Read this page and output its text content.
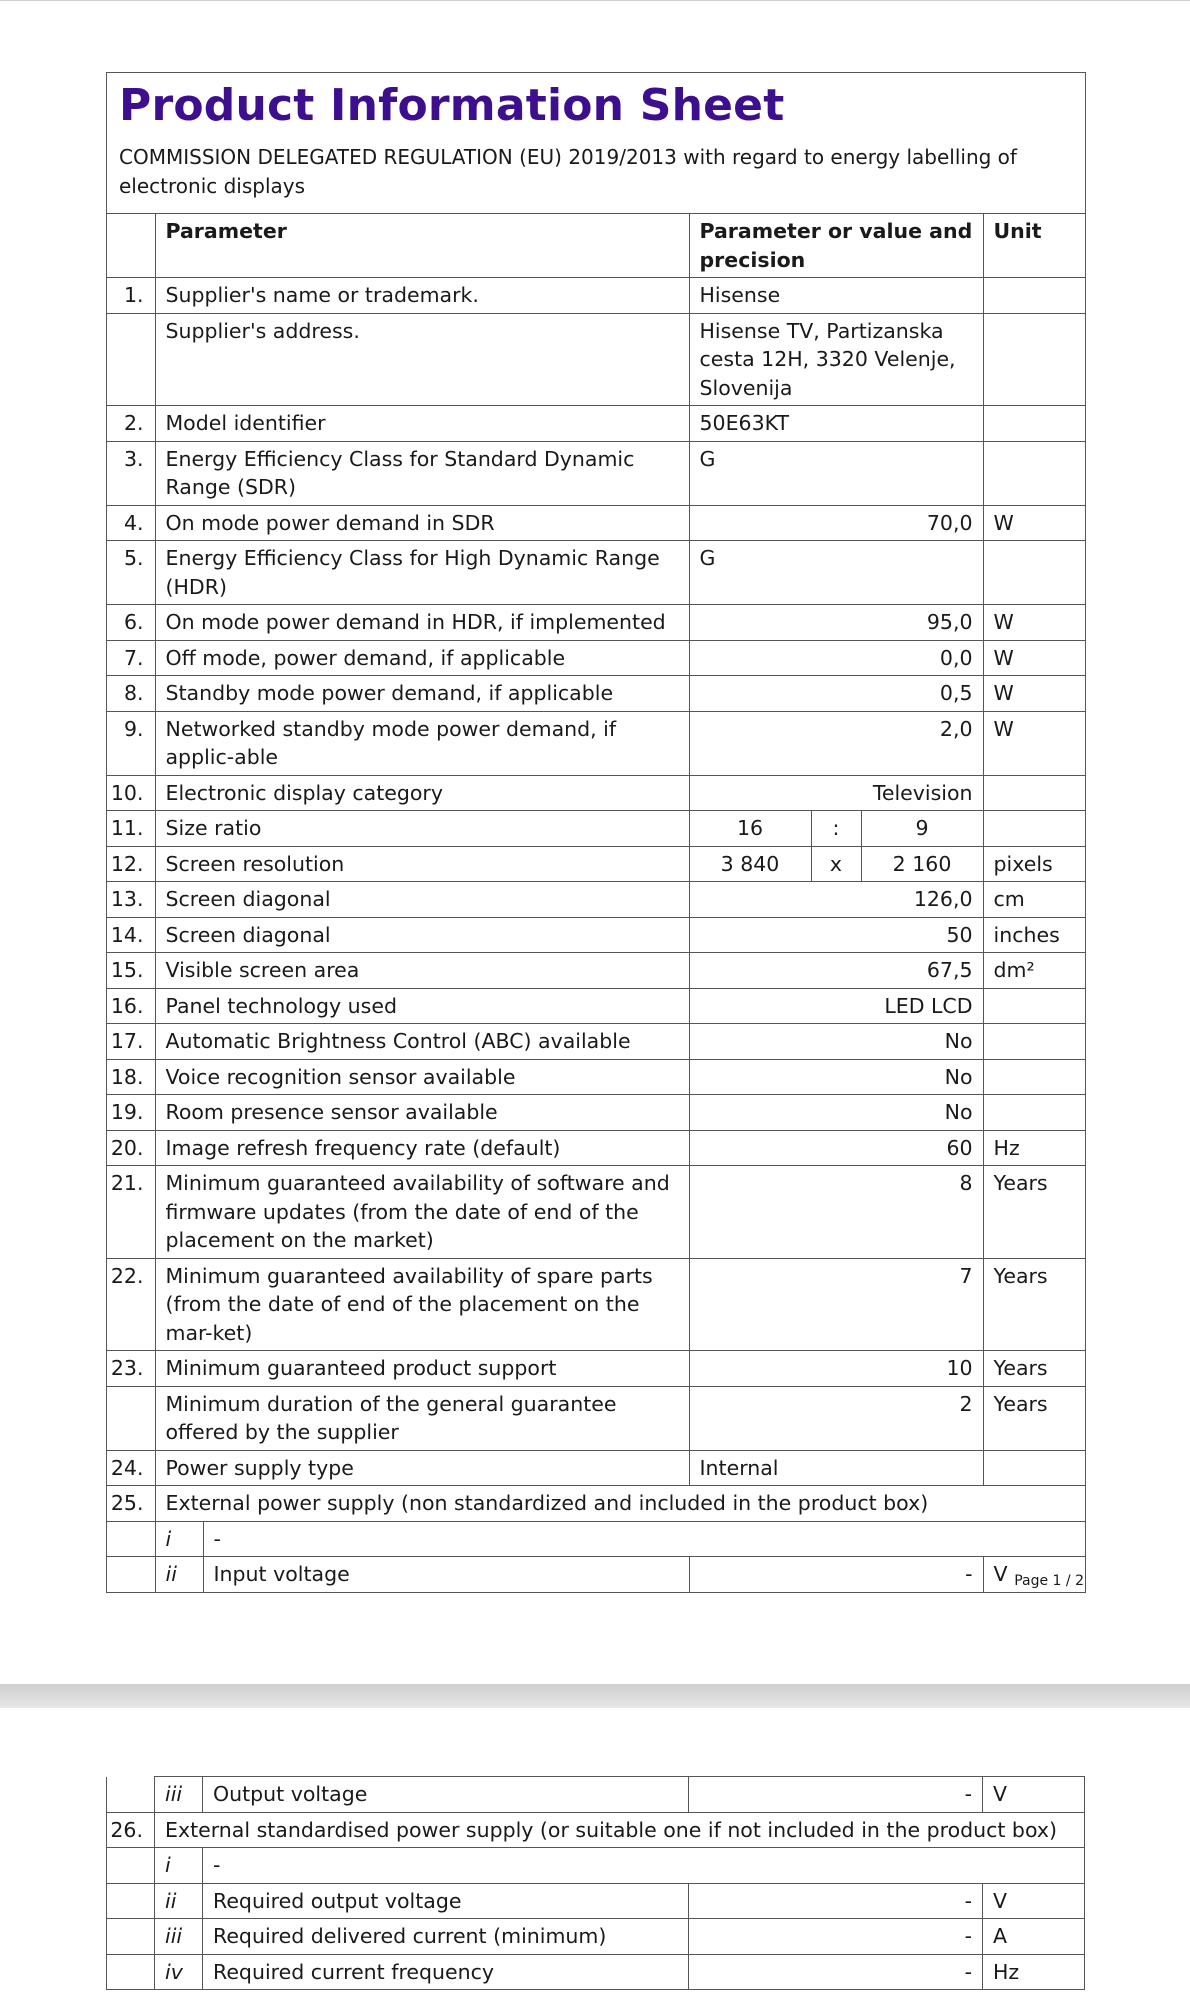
Product Information Sheet
COMMISSION DELEGATED REGULATION (EU) 2019/2013 with regard to energy labelling of electronic displays
	Parameter		Parameter or value and precision			Unit
1.	Supplier's name or trademark.		Hisense			
	Supplier's address.		Hisense TV, Partizanska cesta 12H, 3320 Velenje, Slovenija			
2.	Model identifier		50E63KT			
3.	Energy Efficiency Class for Standard Dynamic Range (SDR)		G			
4.	On mode power demand in SDR		70,0			W
5.	Energy Efficiency Class for High Dynamic Range (HDR)		G			
6.	On mode power demand in HDR, if implemented		95,0			W
7.	Off mode, power demand, if applicable		0,0			W
8.	Standby mode power demand, if applicable		0,5			W
9.	Networked standby mode power demand, if applic-able		2,0			W
10.	Electronic display category		Television			
11.	Size ratio		16	:	9	
12.	Screen resolution		3 840	x	2 160	pixels
13.	Screen diagonal		126,0			cm
14.	Screen diagonal		50			inches
15.	Visible screen area		67,5			dm²
16.	Panel technology used		LED LCD			
17.	Automatic Brightness Control (ABC) available		No			
18.	Voice recognition sensor available		No			
19.	Room presence sensor available		No			
20.	Image refresh frequency rate (default)		60			Hz
21.	Minimum guaranteed availability of software and firmware updates (from the date of end of the placement on the market)		8			Years
22.	Minimum guaranteed availability of spare parts (from the date of end of the placement on the mar-ket)		7			Years
23.	Minimum guaranteed product support		10			Years
	Minimum duration of the general guarantee offered by the supplier		2			Years
24.	Power supply type		Internal			
25.	External power supply (non standardized and included in the product box)					
	i	-				
	ii	Input voltage	-			V Page 1 / 2
	iii	Output voltage	-	V
26.	External standardised power supply (or suitable one if not included in the product box)			
	i	-		
	ii	Required output voltage	-	V
	iii	Required delivered current (minimum)	-	A
	iv	Required current frequency	-	Hz
